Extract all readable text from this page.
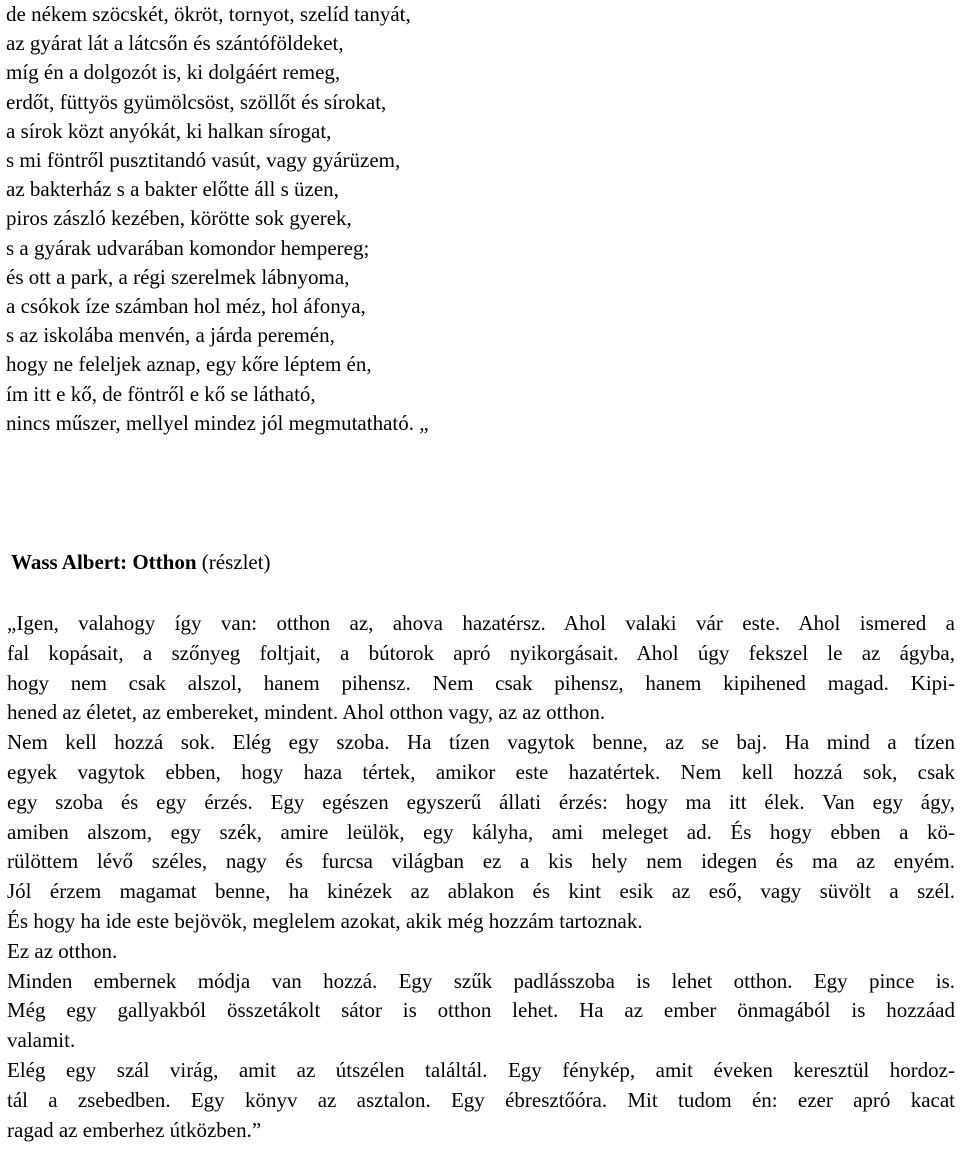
de nékem szöcskét, ökröt, tornyot, szelíd tanyát,
az gyárat lát a látcsőn és szántóföldeket,
míg én a dolgozót is, ki dolgáért remeg,
erdőt, füttyös gyümölcsöst, szöllőt és sírokat,
a sírok közt anyókát, ki halkan sírogat,
s mi föntről pusztitandó vasút, vagy gyárüzem,
az bakterház s a bakter előtte áll s üzen,
piros zászló kezében, körötte sok gyerek,
s a gyárak udvarában komondor hempereg;
és ott a park, a régi szerelmek lábnyoma,
a csókok íze számban hol méz, hol áfonya,
s az iskolába menvén, a járda peremén,
hogy ne feleljek aznap, egy kőre léptem én,
ím itt e kő, de föntről e kő se látható,
nincs műszer, mellyel mindez jól megmutatható. „
Wass Albert: Otthon (részlet)
„Igen, valahogy így van: otthon az, ahova hazatérsz. Ahol valaki vár este. Ahol ismered a
fal kopásait, a szőnyeg foltjait, a bútorok apró nyikorgásait. Ahol úgy fekszel le az ágyba,
hogy nem csak alszol, hanem pihensz. Nem csak pihensz, hanem kipihened magad. Kipi-
hened az életet, az embereket, mindent. Ahol otthon vagy, az az otthon.
Nem kell hozzá sok. Elég egy szoba. Ha tízen vagytok benne, az se baj. Ha mind a tízen
egyek vagytok ebben, hogy haza tértek, amikor este hazatértek. Nem kell hozzá sok, csak
egy szoba és egy érzés. Egy egészen egyszerű állati érzés: hogy ma itt élek. Van egy ágy,
amiben alszom, egy szék, amire leülök, egy kályha, ami meleget ad. És hogy ebben a kö-
rülöttem lévő széles, nagy és furcsa világban ez a kis hely nem idegen és ma az enyém.
Jól érzem magamat benne, ha kinézek az ablakon és kint esik az eső, vagy süvölt a szél.
És hogy ha ide este bejövök, meglelem azokat, akik még hozzám tartoznak.
Ez az otthon.
Minden embernek módja van hozzá. Egy szűk padlásszoba is lehet otthon. Egy pince is.
Még egy gallyakból összetákolt sátor is otthon lehet. Ha az ember önmagából is hozzáad
valamit.
Elég egy szál virág, amit az útszélen találtál. Egy fénykép, amit éveken keresztül hordoz-
tál a zsebedben. Egy könyv az asztalon. Egy ébresztőóra. Mit tudom én: ezer apró kacat
ragad az emberhez útközben.”
